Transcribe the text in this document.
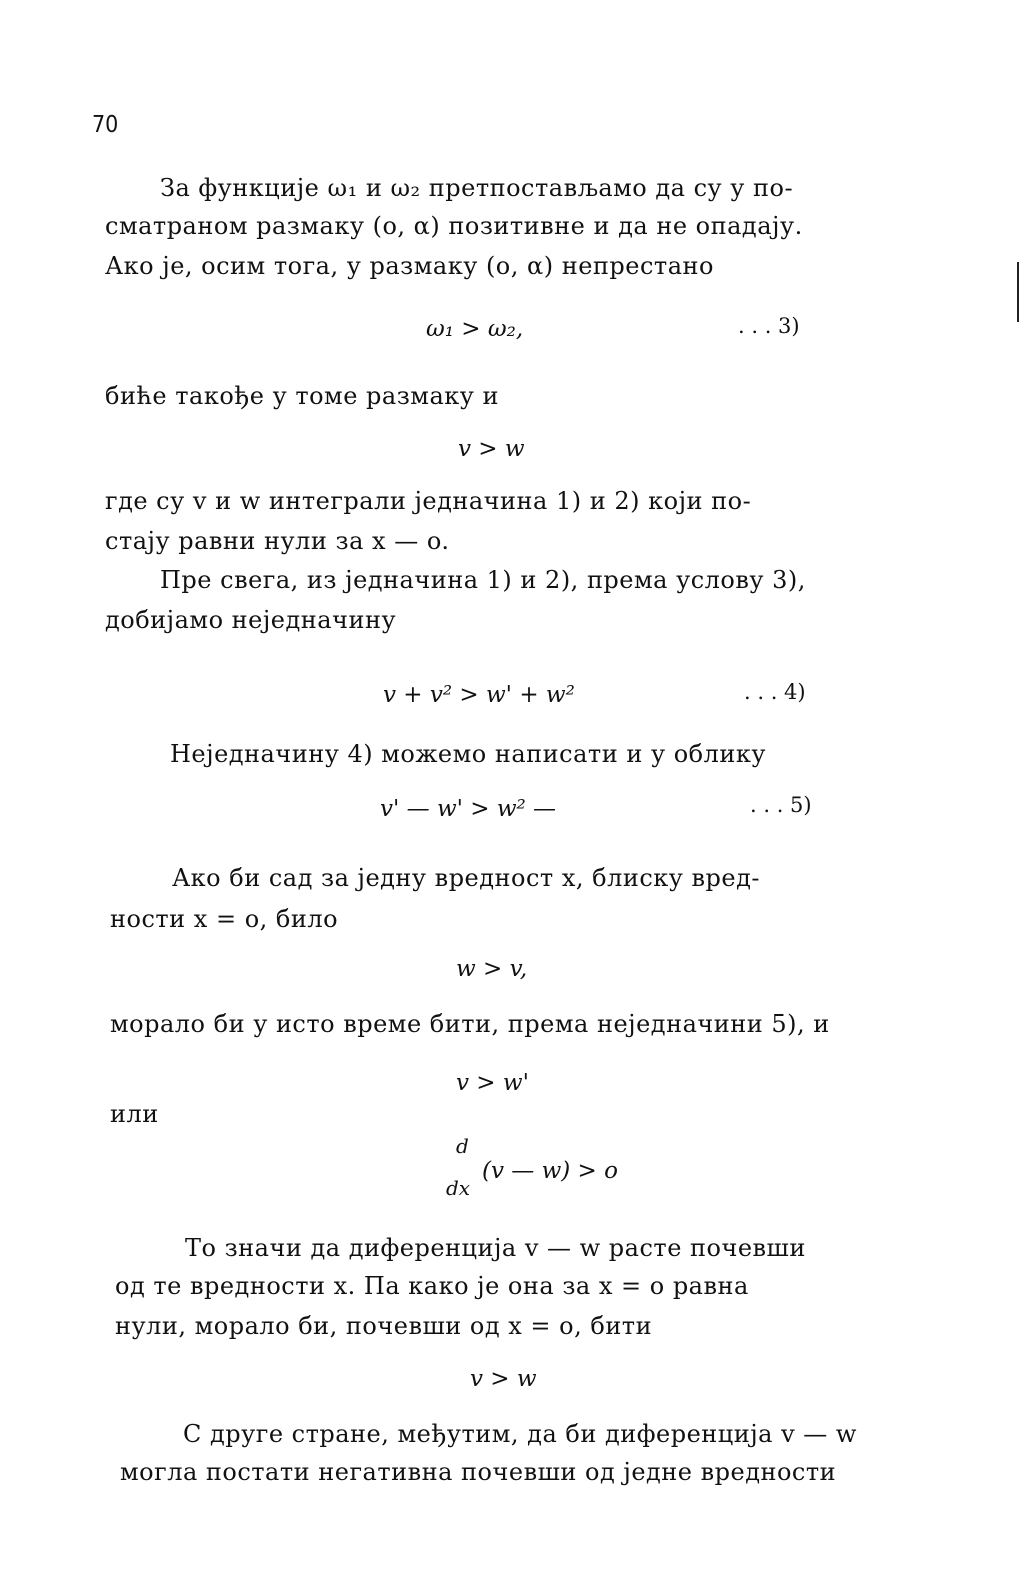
70
За функције ω₁ и ω₂ претпостављамо да су у по-
сматраном размаку (o, α) позитивне и да не опадају.
Ако је, осим тога, у размаку (o, α) непрестано
ω₁ > ω₂,	. . . 3)
биће такође у томе размаку и
v > w
где су v и w интеграли једначина 1) и 2) који по-
стају равни нули за x — o.
Пре свега, из једначина 1) и 2), према услову 3),
добијамо неједначину
v + v² > w' + w²	. . . 4)
Неједначину 4) можемо написати и у облику
v' — w' > w² —	. . . 5)
Ако би сад за једну вредност x, блиску вред-
ности x = o, било
w > v,
морало би у исто време бити, према неједначини 5), и
v > w'
или
d
dx
(v — w) > o
То значи да диференција v — w расте почевши
од те вредности x. Па како је она за x = o равна
нули, морало би, почевши од x = o, бити
v > w
С друге стране, међутим, да би диференција v — w
могла постати негативна почевши од једне вредности
